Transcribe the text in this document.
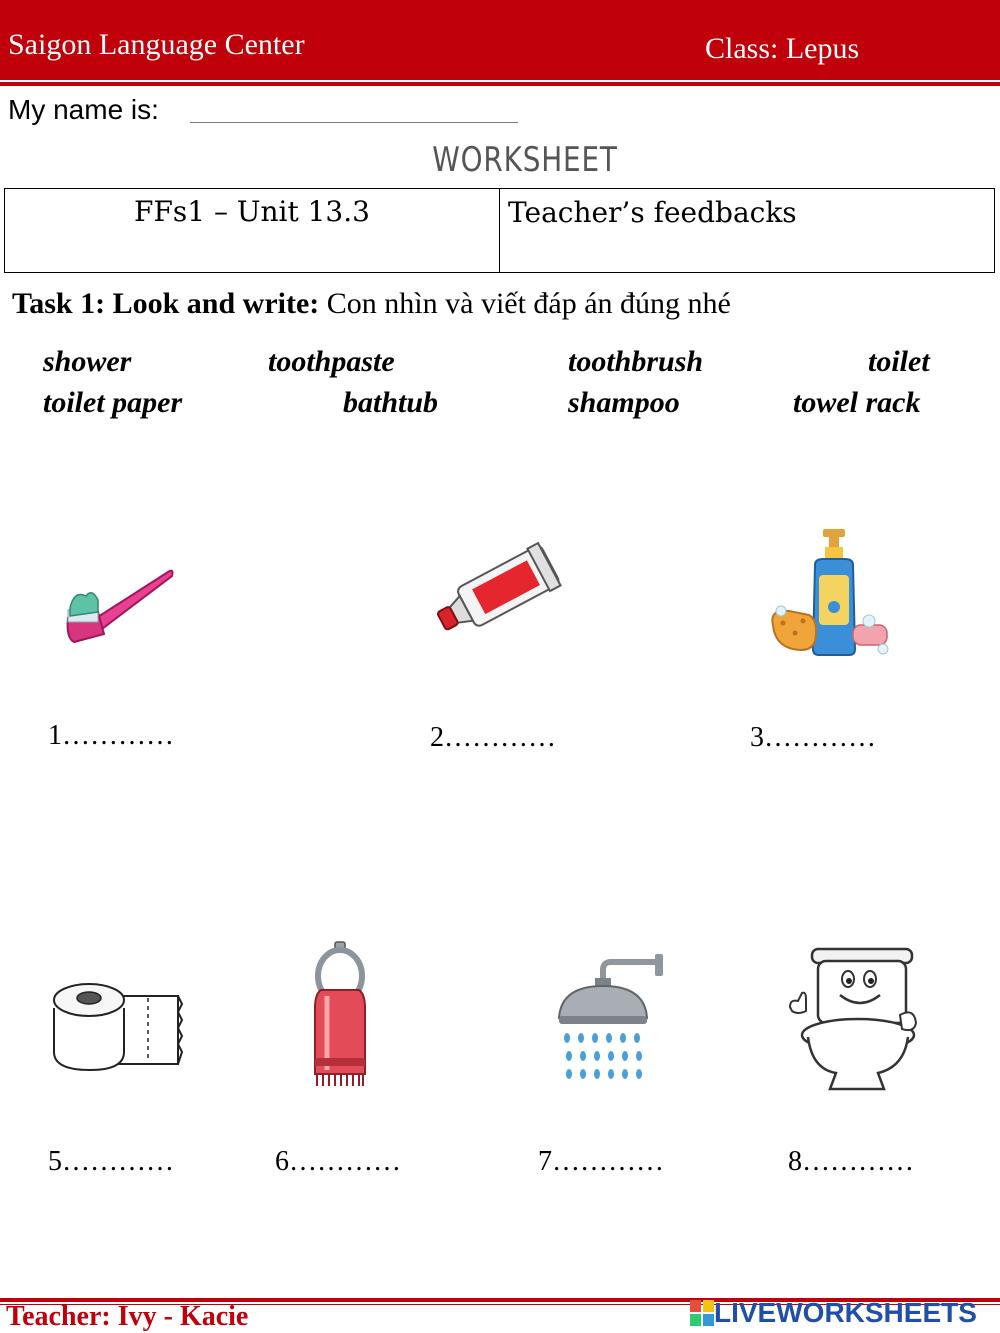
Saigon Language Center	Class: Lepus
My name is:
WORKSHEET
FFs1 – Unit 13.3	Teacher’s feedbacks
Task 1: Look and write: Con nhìn và viết đáp án đúng nhé
shower	toothpaste	toothbrush	toilet
toilet paper	bathtub	shampoo	towel rack
1…………	2…………	3…………
5…………	6…………	7…………	8…………
Teacher: Ivy - Kacie	LIVEWORKSHEETS
